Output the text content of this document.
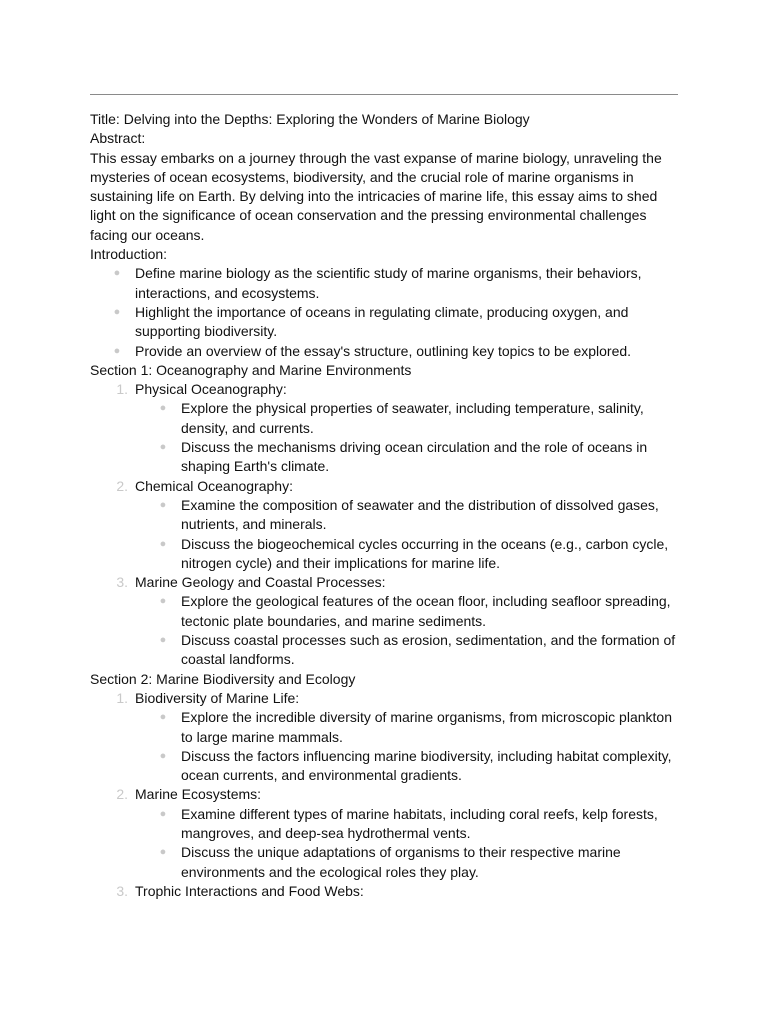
Title: Delving into the Depths: Exploring the Wonders of Marine Biology

Abstract:

This essay embarks on a journey through the vast expanse of marine biology, unraveling the mysteries of ocean ecosystems, biodiversity, and the crucial role of marine organisms in sustaining life on Earth. By delving into the intricacies of marine life, this essay aims to shed light on the significance of ocean conservation and the pressing environmental challenges facing our oceans.

Introduction:

● Define marine biology as the scientific study of marine organisms, their behaviors, interactions, and ecosystems.
● Highlight the importance of oceans in regulating climate, producing oxygen, and supporting biodiversity.
● Provide an overview of the essay's structure, outlining key topics to be explored.

Section 1: Oceanography and Marine Environments

1. Physical Oceanography:
● Explore the physical properties of seawater, including temperature, salinity, density, and currents.
● Discuss the mechanisms driving ocean circulation and the role of oceans in shaping Earth's climate.
2. Chemical Oceanography:
● Examine the composition of seawater and the distribution of dissolved gases, nutrients, and minerals.
● Discuss the biogeochemical cycles occurring in the oceans (e.g., carbon cycle, nitrogen cycle) and their implications for marine life.
3. Marine Geology and Coastal Processes:
● Explore the geological features of the ocean floor, including seafloor spreading, tectonic plate boundaries, and marine sediments.
● Discuss coastal processes such as erosion, sedimentation, and the formation of coastal landforms.

Section 2: Marine Biodiversity and Ecology

1. Biodiversity of Marine Life:
● Explore the incredible diversity of marine organisms, from microscopic plankton to large marine mammals.
● Discuss the factors influencing marine biodiversity, including habitat complexity, ocean currents, and environmental gradients.
2. Marine Ecosystems:
● Examine different types of marine habitats, including coral reefs, kelp forests, mangroves, and deep-sea hydrothermal vents.
● Discuss the unique adaptations of organisms to their respective marine environments and the ecological roles they play.
3. Trophic Interactions and Food Webs:
